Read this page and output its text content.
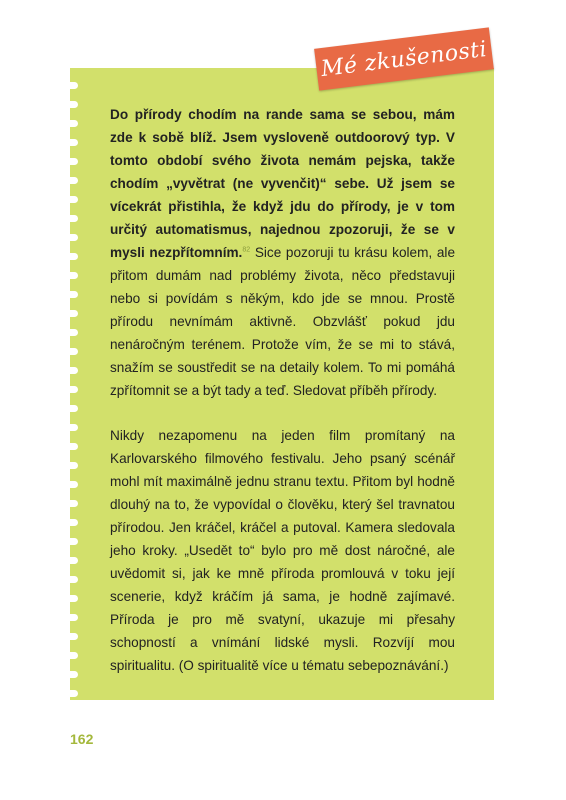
Mé zkušenosti

Do přírody chodím na rande sama se sebou, mám zde k sobě blíž. Jsem vysloveně outdoorový typ. V tomto období svého života nemám pejska, takže chodím „vyvětrat (ne vyvenčit)“ sebe. Už jsem se vícekrát přistihla, že když jdu do přírody, je v tom určitý automatismus, najednou zpozoruji, že se v mysli nezpřítomním.$^{82}$ Sice pozoruji tu krásu kolem, ale přitom dumám nad problémy života, něco představuji nebo si povídám s někým, kdo jde se mnou. Prostě přírodu nevnímám aktivně. Obzvlášť pokud jdu nenáročným terénem. Protože vím, že se mi to stává, snažím se soustředit se na detaily kolem. To mi pomáhá zpřítomnit se a být tady a teď. Sledovat příběh přírody.

Nikdy nezapomenu na jeden film promítaný na Karlovarského filmového festivalu. Jeho psaný scénář mohl mít maximálně jednu stranu textu. Přitom byl hodně dlouhý na to, že vypovídal o člověku, který šel travnatou přírodou. Jen kráčel, kráčel a putoval. Kamera sledovala jeho kroky. „Usedět to“ bylo pro mě dost náročné, ale uvědomit si, jak ke mně příroda promlouvá v toku její scenerie, když kráčím já sama, je hodně zajímavé. Příroda je pro mě svatyní, ukazuje mi přesahy schopností a vnímání lidské mysli. Rozvíjí mou spiritualitu. (O spiritualitě více u tématu sebepoznávání.)

162
